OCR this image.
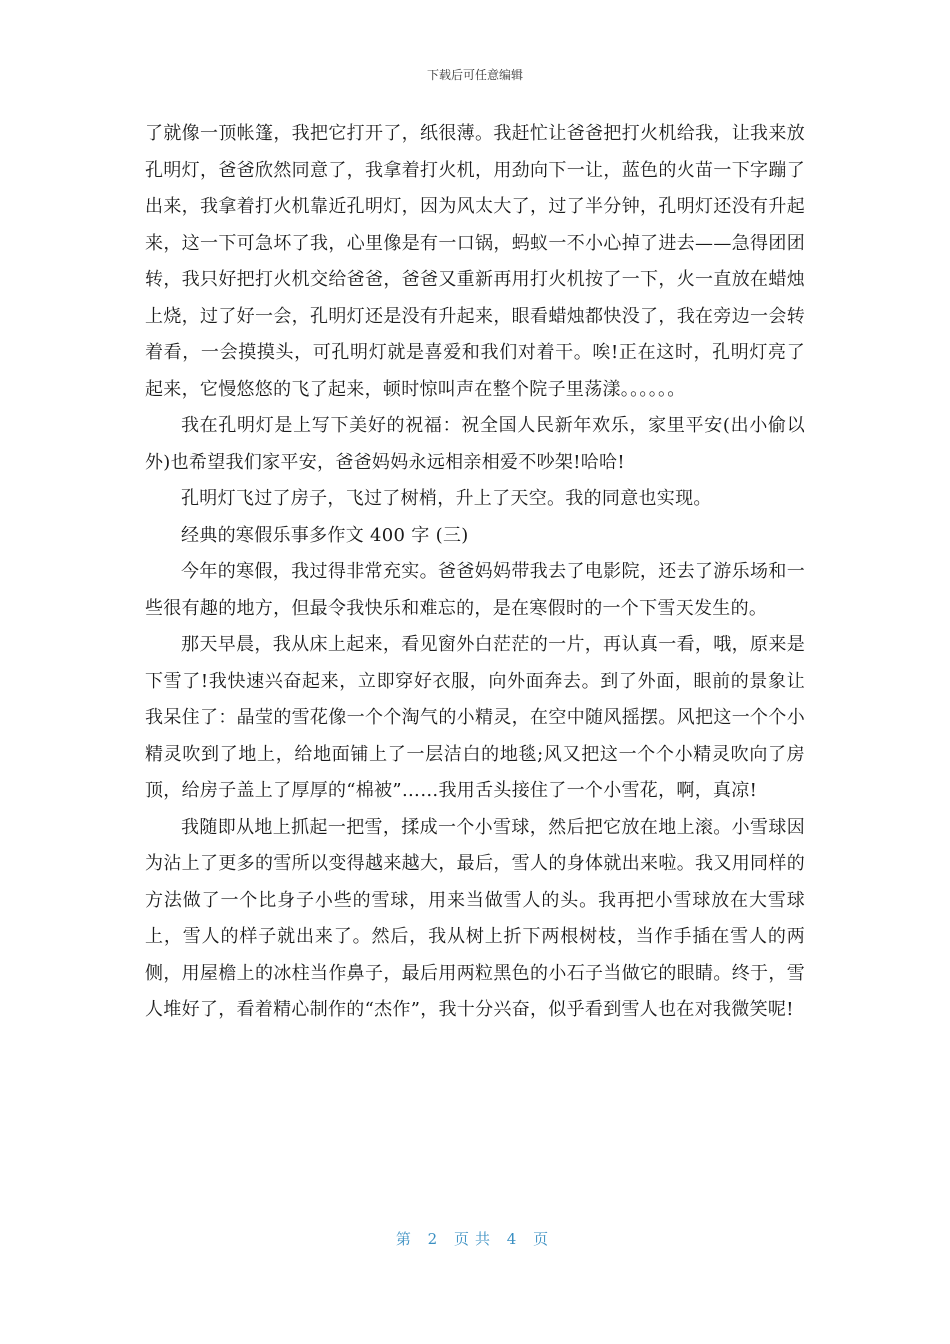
下载后可任意编辑

了就像一顶帐篷，我把它打开了，纸很薄。我赶忙让爸爸把打火机给我，让我来放孔明灯，爸爸欣然同意了，我拿着打火机，用劲向下一让，蓝色的火苗一下字蹦了出来，我拿着打火机靠近孔明灯，因为风太大了，过了半分钟，孔明灯还没有升起来，这一下可急坏了我，心里像是有一口锅，蚂蚁一不小心掉了进去——急得团团转，我只好把打火机交给爸爸，爸爸又重新再用打火机按了一下，火一直放在蜡烛上烧，过了好一会，孔明灯还是没有升起来，眼看蜡烛都快没了，我在旁边一会转着看，一会摸摸头，可孔明灯就是喜爱和我们对着干。唉!正在这时，孔明灯亮了起来，它慢悠悠的飞了起来，顿时惊叫声在整个院子里荡漾。。。。。。

我在孔明灯是上写下美好的祝福：祝全国人民新年欢乐，家里平安(出小偷以外)也希望我们家平安，爸爸妈妈永远相亲相爱不吵架!哈哈!

孔明灯飞过了房子，飞过了树梢，升上了天空。我的同意也实现。

经典的寒假乐事多作文 400 字 (三)

今年的寒假，我过得非常充实。爸爸妈妈带我去了电影院，还去了游乐场和一些很有趣的地方，但最令我快乐和难忘的，是在寒假时的一个下雪天发生的。

那天早晨，我从床上起来，看见窗外白茫茫的一片，再认真一看，哦，原来是下雪了!我快速兴奋起来，立即穿好衣服，向外面奔去。到了外面，眼前的景象让我呆住了：晶莹的雪花像一个个淘气的小精灵，在空中随风摇摆。风把这一个个小精灵吹到了地上，给地面铺上了一层洁白的地毯;风又把这一个个小精灵吹向了房顶，给房子盖上了厚厚的“棉被”……我用舌头接住了一个小雪花，啊，真凉!

我随即从地上抓起一把雪，揉成一个小雪球，然后把它放在地上滚。小雪球因为沾上了更多的雪所以变得越来越大，最后，雪人的身体就出来啦。我又用同样的方法做了一个比身子小些的雪球，用来当做雪人的头。我再把小雪球放在大雪球上，雪人的样子就出来了。然后，我从树上折下两根树枝，当作手插在雪人的两侧，用屋檐上的冰柱当作鼻子，最后用两粒黑色的小石子当做它的眼睛。终于，雪人堆好了，看着精心制作的“杰作”，我十分兴奋，似乎看到雪人也在对我微笑呢!

第 2 页共 4 页
